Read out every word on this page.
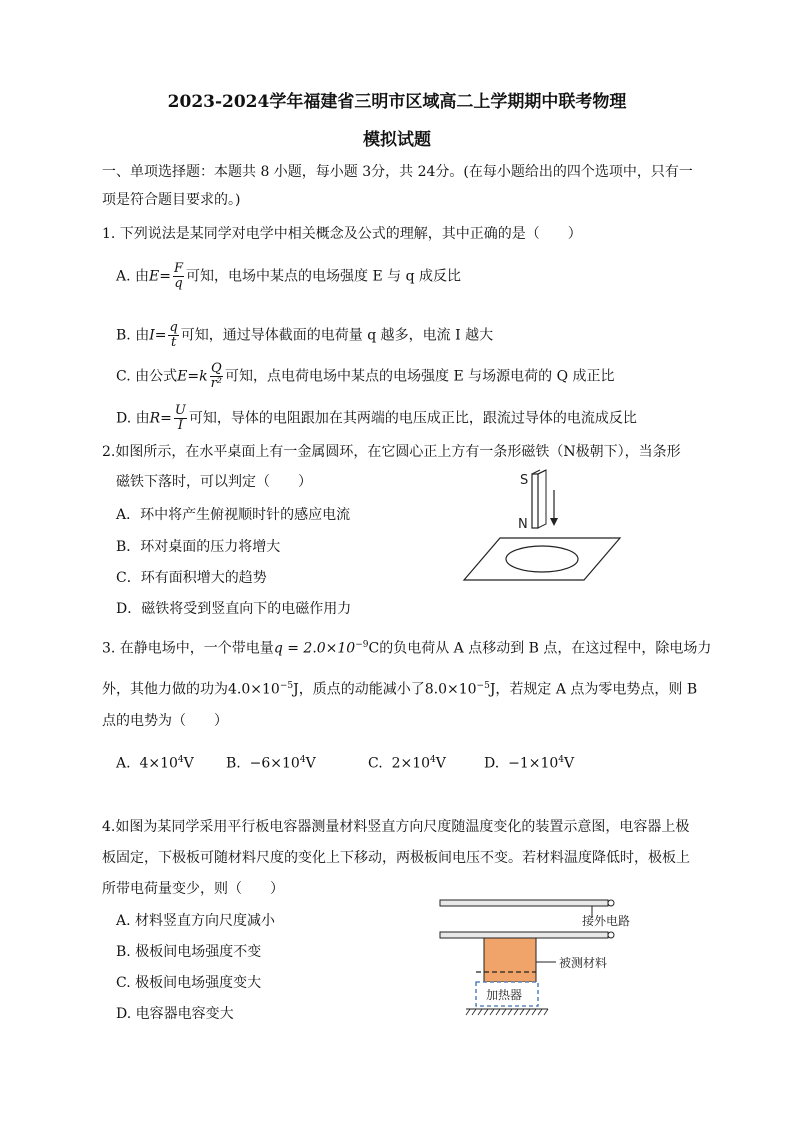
2023-2024学年福建省三明市区域高二上学期期中联考物理
模拟试题
一、单项选择题：本题共 8 小题，每小题 3分，共 24分。(在每小题给出的四个选项中，只有一
项是符合题目要求的。)
1. 下列说法是某同学对电学中相关概念及公式的理解，其中正确的是（　　）
A. 由$E= \frac{F}{q}$ 可知，电场中某点的电场强度 E 与 q 成反比
B. 由$I= \frac{q}{t}$ 可知，通过导体截面的电荷量 q 越多，电流 I 越大
C. 由公式$E=k \frac{Q}{\text{r²}}$ 可知，点电荷电场中某点的电场强度 E 与场源电荷的 Q 成正比
D. 由$R= \frac{U}{I}$ 可知，导体的电阻跟加在其两端的电压成正比，跟流过导体的电流成反比
2.如图所示，在水平桌面上有一金属圆环，在它圆心正上方有一条形磁铁（N极朝下），当条形
磁铁下落时，可以判定（　　）
A．环中将产生俯视顺时针的感应电流
B．环对桌面的压力将增大
C．环有面积增大的趋势
D．磁铁将受到竖直向下的电磁作用力
S
N
3. 在静电场中，一个带电量$q = 2.0\times 10^{-9}C$的负电荷从 A 点移动到 B 点，在这过程中，除电场力
外，其他力做的功为$4.0\times 10^{-5}J$，质点的动能减小了$8.0\times 10^{-5}J$，若规定 A 点为零电势点，则 B
点的电势为（　　）
A. $4\times 10^4V$ B. $-6\times 10^4V$	C. $2\times 10^4V$	D. $-1\times 10^4V$
4.如图为某同学采用平行板电容器测量材料竖直方向尺度随温度变化的装置示意图，电容器上极
板固定，下极板可随材料尺度的变化上下移动，两极板间电压不变。若材料温度降低时，极板上
所带电荷量变少，则（　　）
A. 材料竖直方向尺度减小
B. 极板间电场强度不变
C. 极板间电场强度变大
D. 电容器电容变大
接外电路
被测材料
加热器
